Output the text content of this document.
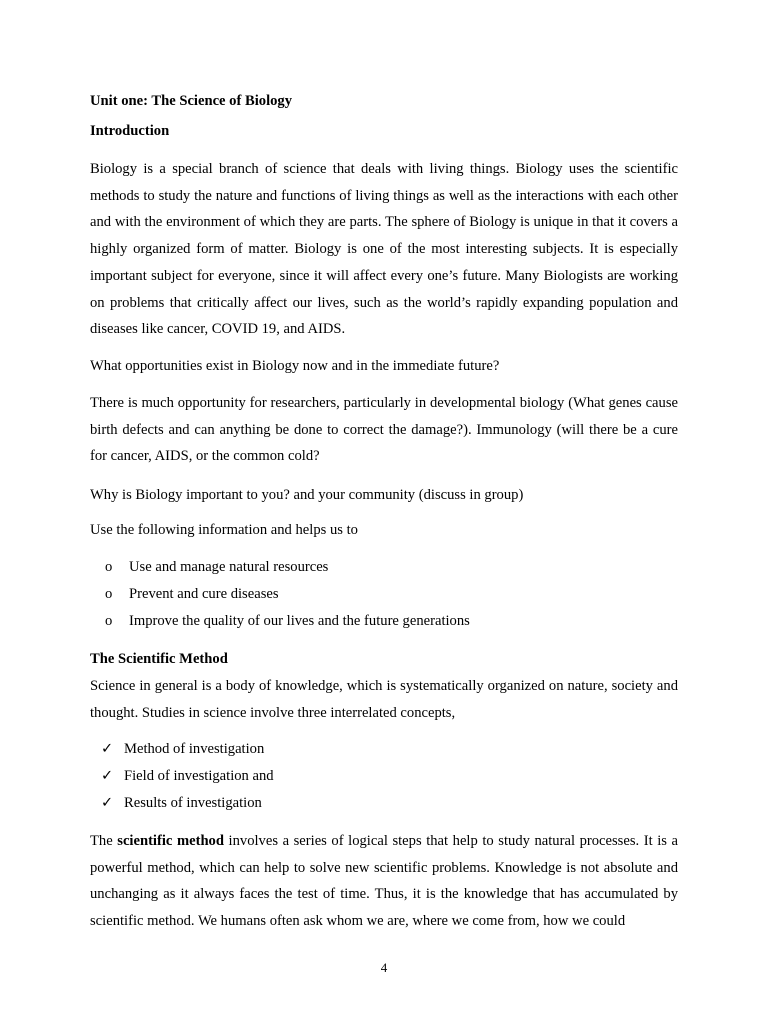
Unit one: The Science of Biology
Introduction
Biology is a special branch of science that deals with living things. Biology uses the scientific methods to study the nature and functions of living things as well as the interactions with each other and with the environment of which they are parts. The sphere of Biology is unique in that it covers a highly organized form of matter. Biology is one of the most interesting subjects. It is especially important subject for everyone, since it will affect every one’s future. Many Biologists are working on problems that critically affect our lives, such as the world’s rapidly expanding population and diseases like cancer, COVID 19, and AIDS.
What opportunities exist in Biology now and in the immediate future?
There is much opportunity for researchers, particularly in developmental biology (What genes cause birth defects and can anything be done to correct the damage?). Immunology (will there be a cure for cancer, AIDS, or the common cold?
Why is Biology important to you? and your community (discuss in group)
Use the following information and helps us to
o Use and manage natural resources
o Prevent and cure diseases
o Improve the quality of our lives and the future generations
The Scientific Method
Science in general is a body of knowledge, which is systematically organized on nature, society and thought. Studies in science involve three interrelated concepts,
✓ Method of investigation
✓ Field of investigation and
✓ Results of investigation
The scientific method involves a series of logical steps that help to study natural processes. It is a powerful method, which can help to solve new scientific problems. Knowledge is not absolute and unchanging as it always faces the test of time. Thus, it is the knowledge that has accumulated by scientific method. We humans often ask whom we are, where we come from, how we could
4
